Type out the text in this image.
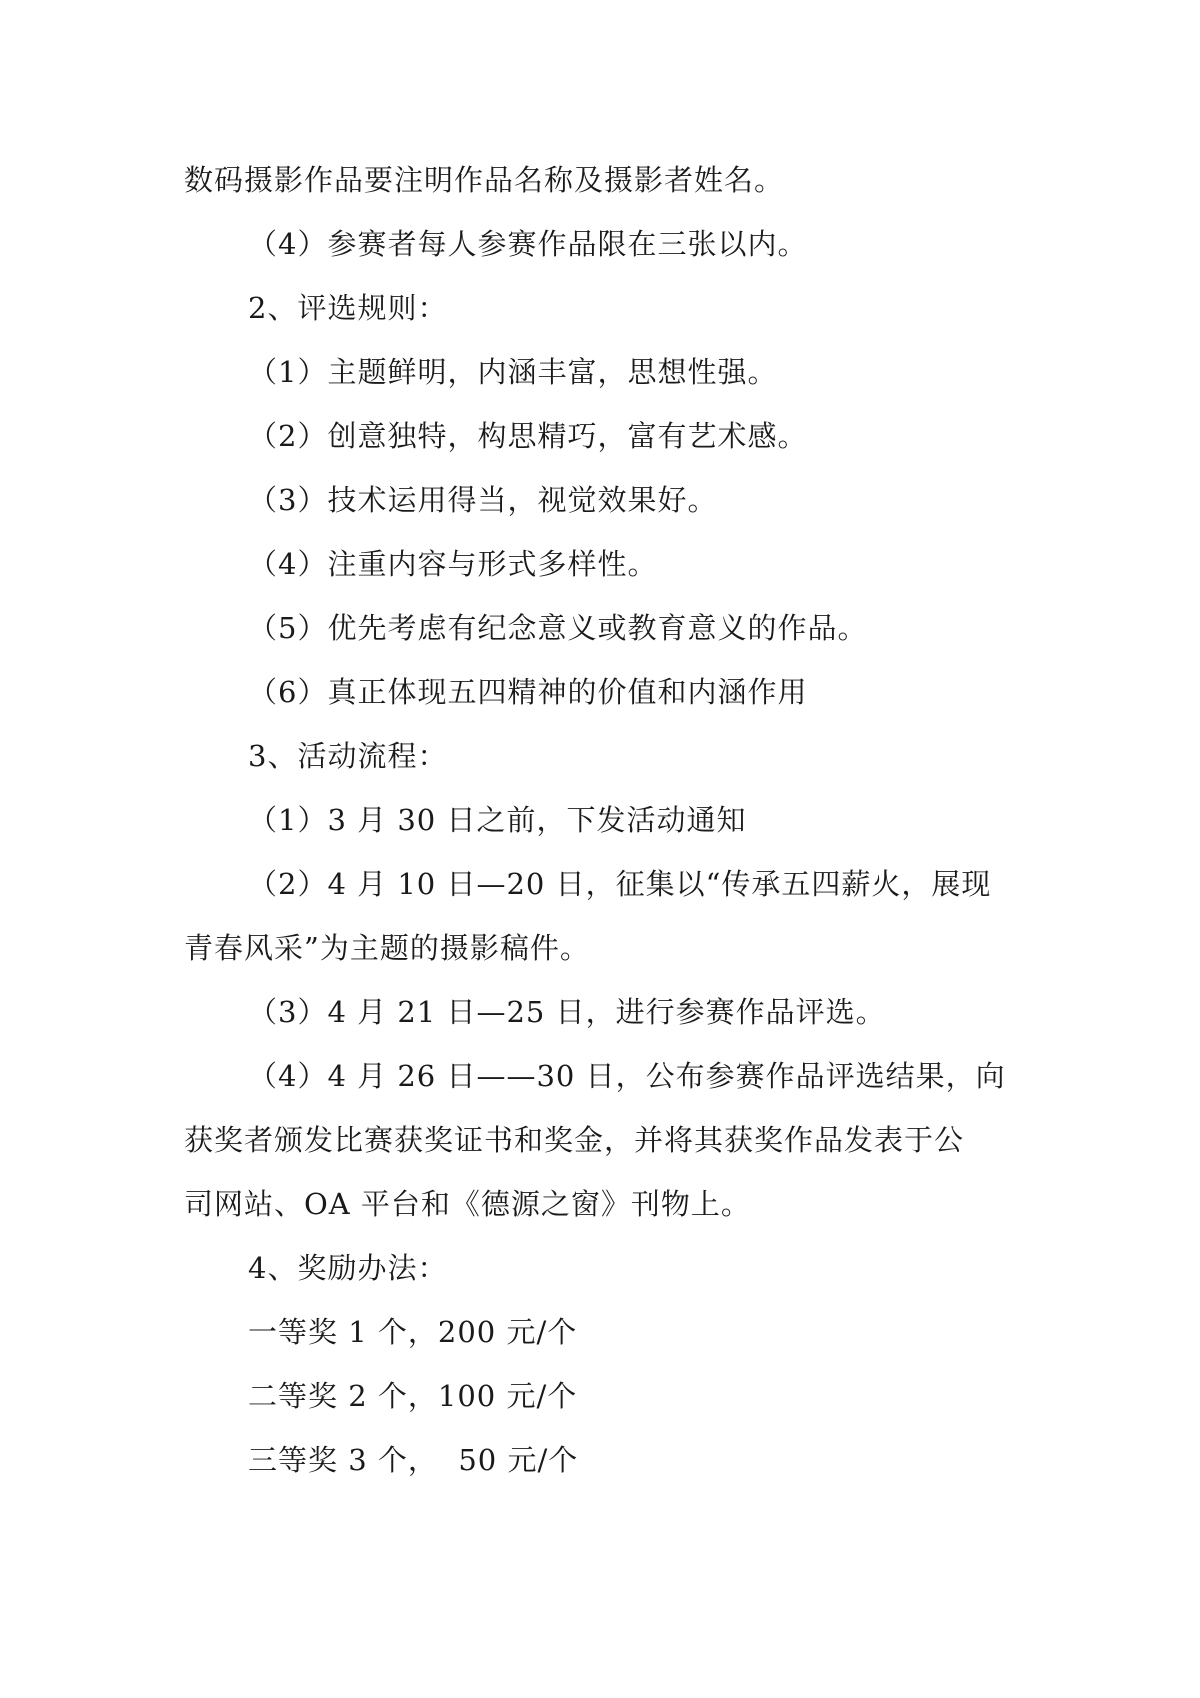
数码摄影作品要注明作品名称及摄影者姓名。
（4）参赛者每人参赛作品限在三张以内。
2、评选规则：
（1）主题鲜明，内涵丰富，思想性强。
（2）创意独特，构思精巧，富有艺术感。
（3）技术运用得当，视觉效果好。
（4）注重内容与形式多样性。
（5）优先考虑有纪念意义或教育意义的作品。
（6）真正体现五四精神的价值和内涵作用
3、活动流程：
（1）3 月 30 日之前，下发活动通知
（2）4 月 10 日—20 日，征集以“传承五四薪火，展现
青春风采”为主题的摄影稿件。
（3）4 月 21 日—25 日，进行参赛作品评选。
（4）4 月 26 日——30 日，公布参赛作品评选结果，向
获奖者颁发比赛获奖证书和奖金，并将其获奖作品发表于公
司网站、OA 平台和《德源之窗》刊物上。
4、奖励办法：
一等奖 1 个，200 元/个
二等奖 2 个，100 元/个
三等奖 3 个，  50 元/个
